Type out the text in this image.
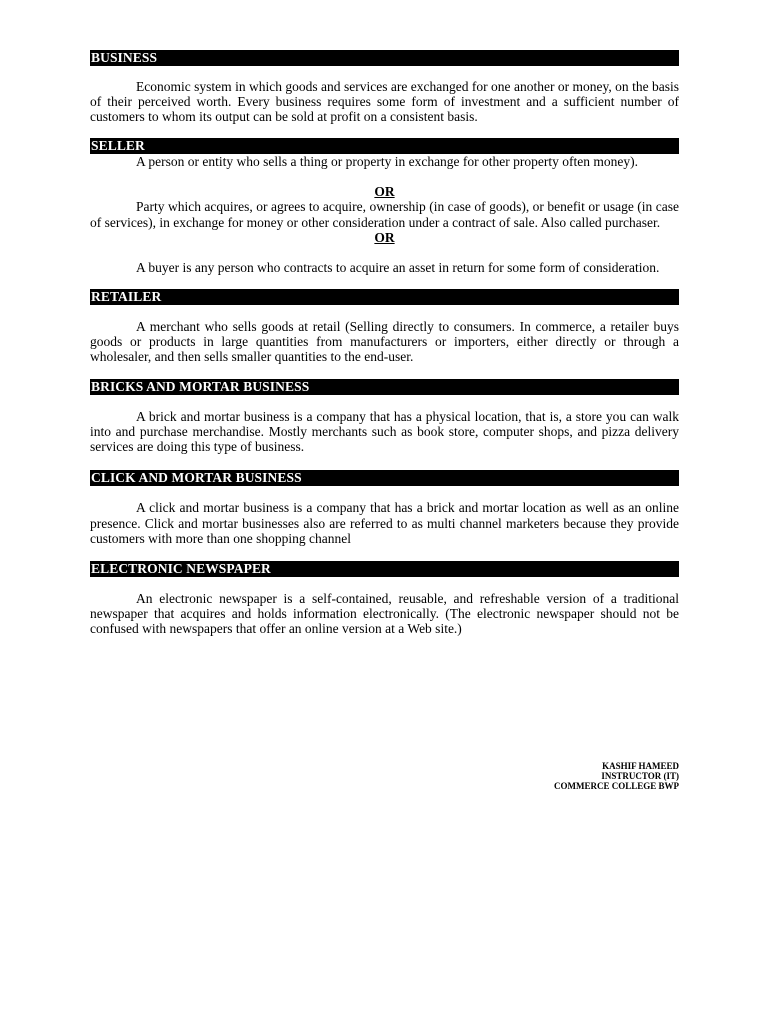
BUSINESS

Economic system in which goods and services are exchanged for one another or money, on the basis of their perceived worth. Every business requires some form of investment and a sufficient number of customers to whom its output can be sold at profit on a consistent basis.

SELLER

A person or entity who sells a thing or property in exchange for other property often money).

OR

Party which acquires, or agrees to acquire, ownership (in case of goods), or benefit or usage (in case of services), in exchange for money or other consideration under a contract of sale. Also called purchaser.

OR

A buyer is any person who contracts to acquire an asset in return for some form of consideration.

RETAILER

A merchant who sells goods at retail (Selling directly to consumers. In commerce, a retailer buys goods or products in large quantities from manufacturers or importers, either directly or through a wholesaler, and then sells smaller quantities to the end-user.

BRICKS AND MORTAR BUSINESS

A brick and mortar business is a company that has a physical location, that is, a store you can walk into and purchase merchandise. Mostly merchants such as book store, computer shops, and pizza delivery services are doing this type of business.

CLICK AND MORTAR BUSINESS

A click and mortar business is a company that has a brick and mortar location as well as an online presence. Click and mortar businesses also are referred to as multi channel marketers because they provide customers with more than one shopping channel

ELECTRONIC NEWSPAPER

An electronic newspaper is a self-contained, reusable, and refreshable version of a traditional newspaper that acquires and holds information electronically. (The electronic newspaper should not be confused with newspapers that offer an online version at a Web site.)

KASHIF HAMEED
INSTRUCTOR (IT)
COMMERCE COLLEGE BWP
